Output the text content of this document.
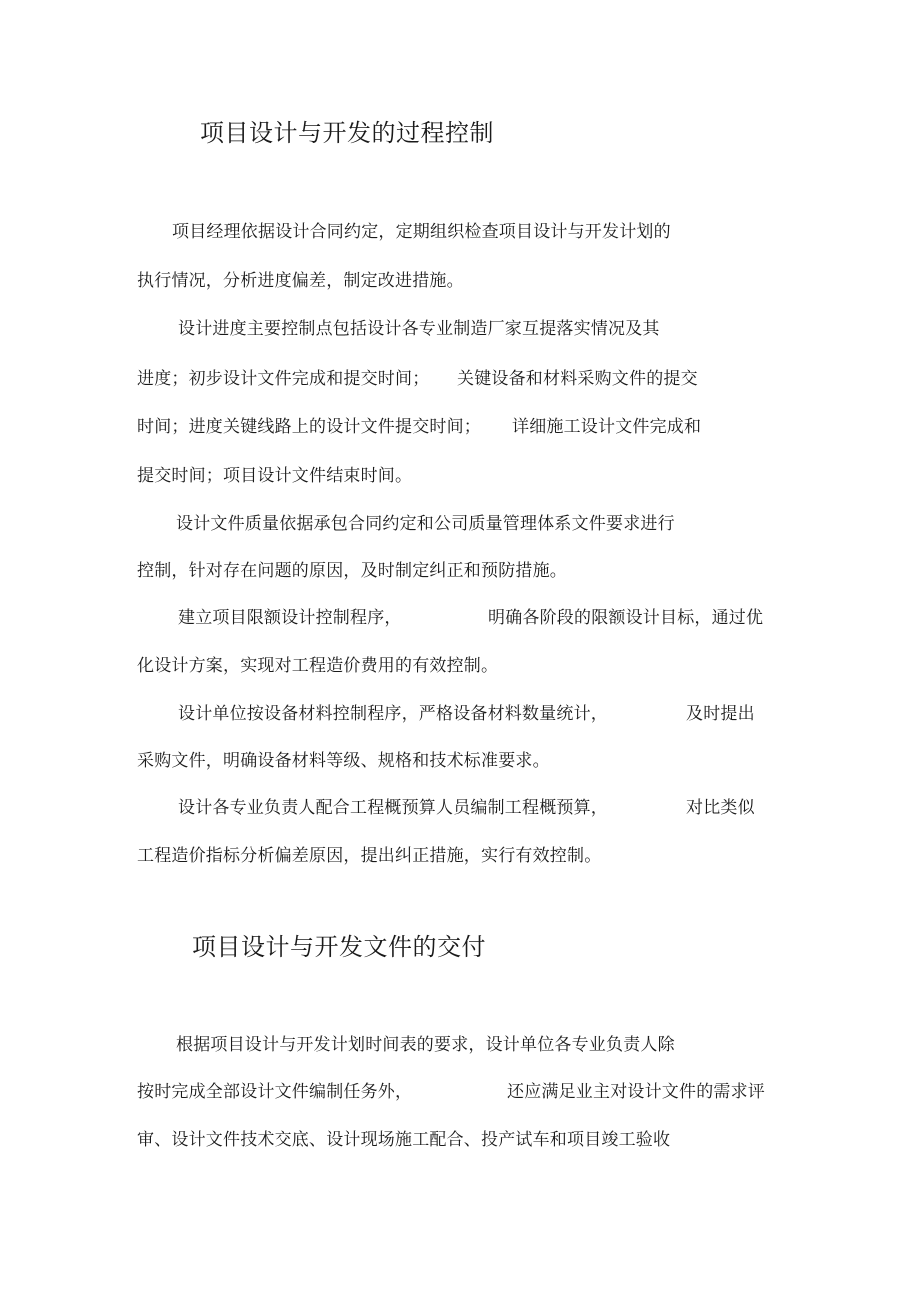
项目设计与开发的过程控制
项目经理依据设计合同约定，定期组织检查项目设计与开发计划的
执行情况，分析进度偏差，制定改进措施。
设计进度主要控制点包括设计各专业制造厂家互提落实情况及其
进度；初步设计文件完成和提交时间； 关键设备和材料采购文件的提交
时间；进度关键线路上的设计文件提交时间； 详细施工设计文件完成和
提交时间；项目设计文件结束时间。
设计文件质量依据承包合同约定和公司质量管理体系文件要求进行
控制，针对存在问题的原因，及时制定纠正和预防措施。
建立项目限额设计控制程序，	明确各阶段的限额设计目标，通过优
化设计方案，实现对工程造价费用的有效控制。
设计单位按设备材料控制程序，严格设备材料数量统计，	及时提出
采购文件，明确设备材料等级、规格和技术标准要求。
设计各专业负责人配合工程概预算人员编制工程概预算，	对比类似
工程造价指标分析偏差原因，提出纠正措施，实行有效控制。
项目设计与开发文件的交付
根据项目设计与开发计划时间表的要求，设计单位各专业负责人除
按时完成全部设计文件编制任务外，	还应满足业主对设计文件的需求评
审、设计文件技术交底、设计现场施工配合、投产试车和项目竣工验收
